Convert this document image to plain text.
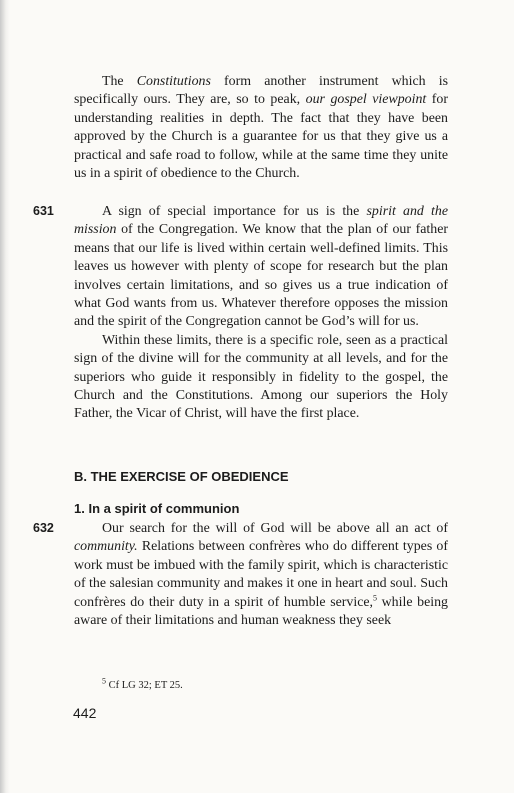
The Constitutions form another instrument which is specifically ours. They are, so to peak, our gospel viewpoint for understanding realities in depth. The fact that they have been approved by the Church is a guarantee for us that they give us a practical and safe road to follow, while at the same time they unite us in a spirit of obedience to the Church.

631	A sign of special importance for us is the spirit and the mission of the Congregation. We know that the plan of our father means that our life is lived within certain well-defined limits. This leaves us however with plenty of scope for research but the plan involves certain limitations, and so gives us a true indication of what God wants from us. Whatever therefore opposes the mission and the spirit of the Congregation cannot be God’s will for us.

Within these limits, there is a specific role, seen as a practical sign of the divine will for the community at all levels, and for the superiors who guide it responsibly in fidelity to the gospel, the Church and the Constitutions. Among our superiors the Holy Father, the Vicar of Christ, will have the first place.

B. THE EXERCISE OF OBEDIENCE
1. In a spirit of communion
632	Our search for the will of God will be above all an act of community. Relations between confrères who do different types of work must be imbued with the family spirit, which is characteristic of the salesian community and makes it one in heart and soul. Such confrères do their duty in a spirit of humble service,$^5$ while being aware of their limitations and human weakness they seek

$^5$ Cf LG 32; ET 25.
442
